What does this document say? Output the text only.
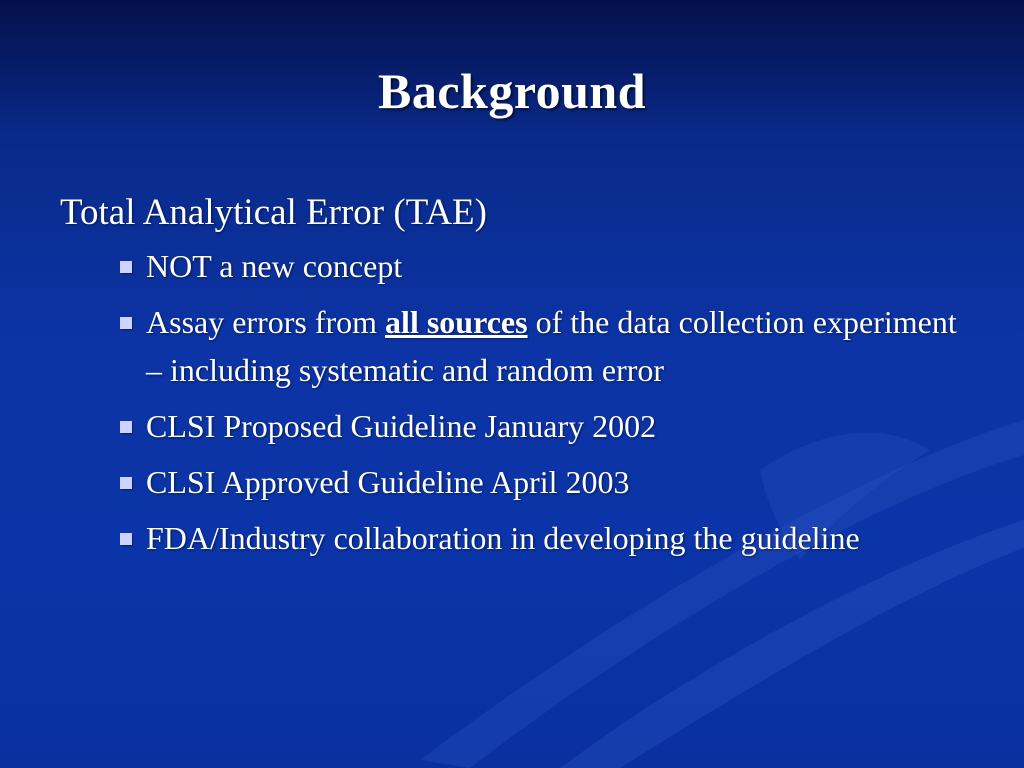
Background
Total Analytical Error (TAE)
NOT a new concept
Assay errors from all sources of the data collection experiment – including systematic and random error
CLSI Proposed Guideline January 2002
CLSI Approved Guideline April 2003
FDA/Industry collaboration in developing the guideline
